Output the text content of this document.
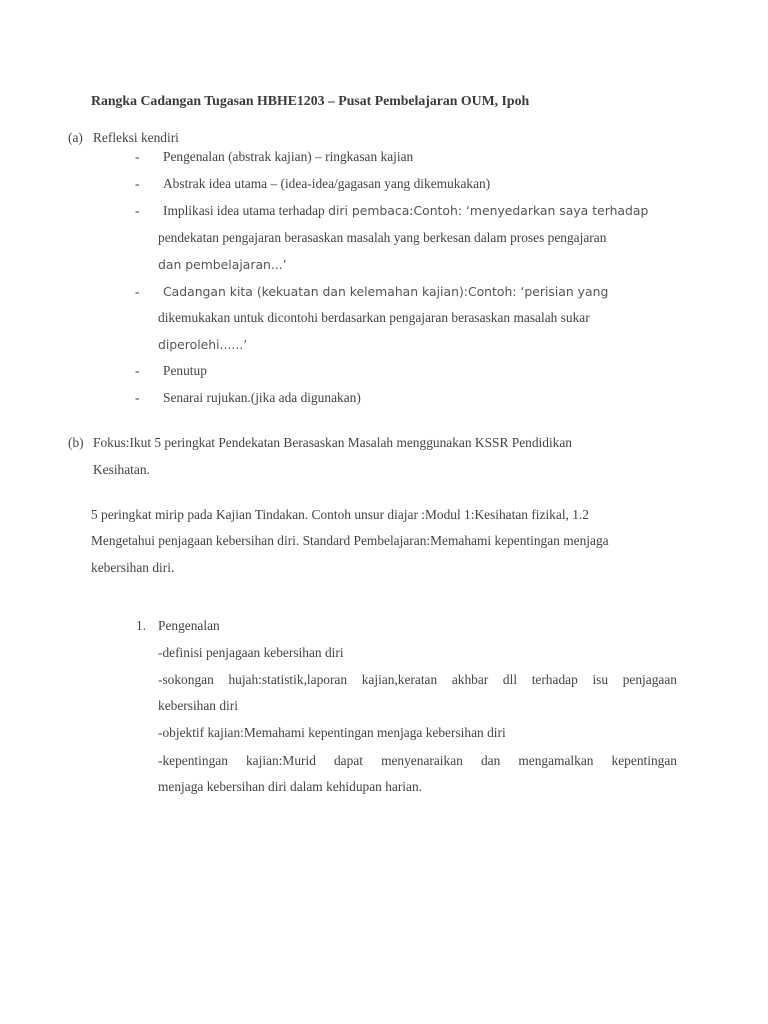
Rangka Cadangan Tugasan HBHE1203 – Pusat Pembelajaran OUM, Ipoh
(a) Refleksi kendiri
- Pengenalan (abstrak kajian) – ringkasan kajian
- Abstrak idea utama – (idea-idea/gagasan yang dikemukakan)
- Implikasi idea utama terhadap diri pembaca:Contoh: ‘menyedarkan saya terhadap
pendekatan pengajaran berasaskan masalah yang berkesan dalam proses pengajaran
dan pembelajaran...’
- Cadangan kita (kekuatan dan kelemahan kajian):Contoh: ‘perisian yang
dikemukakan untuk dicontohi berdasarkan pengajaran berasaskan masalah sukar
diperolehi......’
- Penutup
- Senarai rujukan.(jika ada digunakan)
(b) Fokus:Ikut 5 peringkat Pendekatan Berasaskan Masalah menggunakan KSSR Pendidikan
Kesihatan.
5 peringkat mirip pada Kajian Tindakan. Contoh unsur diajar :Modul 1:Kesihatan fizikal, 1.2
Mengetahui penjagaan kebersihan diri. Standard Pembelajaran:Memahami kepentingan menjaga
kebersihan diri.
1. Pengenalan
-definisi penjagaan kebersihan diri
-sokongan hujah:statistik,laporan kajian,keratan akhbar dll terhadap isu penjagaan
kebersihan diri
-objektif kajian:Memahami kepentingan menjaga kebersihan diri
-kepentingan kajian:Murid dapat menyenaraikan dan mengamalkan kepentingan
menjaga kebersihan diri dalam kehidupan harian.
